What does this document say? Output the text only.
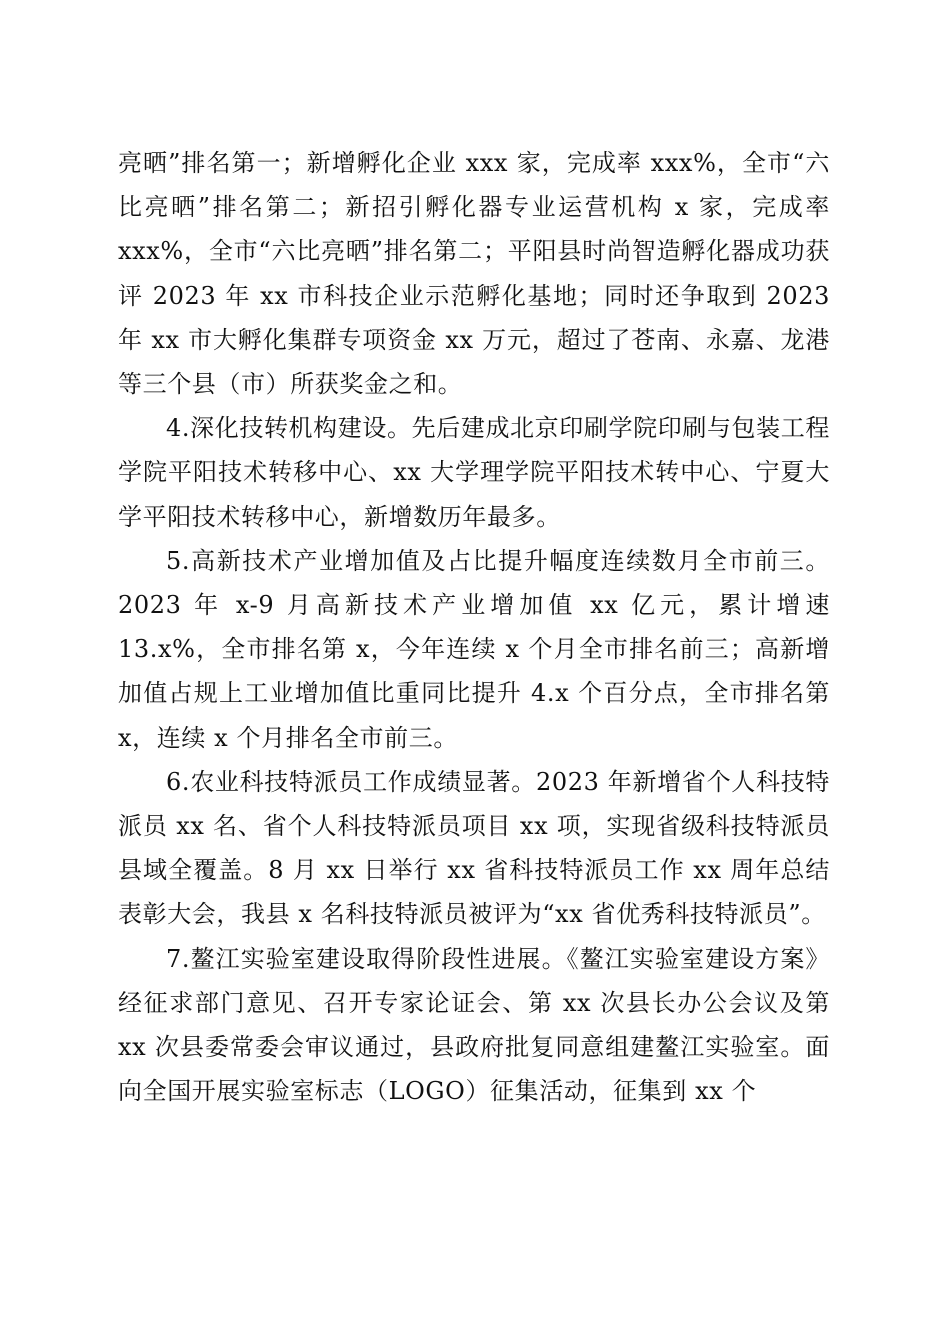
亮晒”排名第一；新增孵化企业 xxx 家，完成率 xxx%，全市“六比亮晒”排名第二；新招引孵化器专业运营机构 x 家，完成率 xxx%，全市“六比亮晒”排名第二；平阳县时尚智造孵化器成功获评 2023 年 xx 市科技企业示范孵化基地；同时还争取到 2023 年 xx 市大孵化集群专项资金 xx 万元，超过了苍南、永嘉、龙港等三个县（市）所获奖金之和。

4.深化技转机构建设。先后建成北京印刷学院印刷与包装工程学院平阳技术转移中心、xx 大学理学院平阳技术转中心、宁夏大学平阳技术转移中心，新增数历年最多。

5.高新技术产业增加值及占比提升幅度连续数月全市前三。2023 年 x-9 月高新技术产业增加值 xx 亿元，累计增速 13.x%，全市排名第 x，今年连续 x 个月全市排名前三；高新增加值占规上工业增加值比重同比提升 4.x 个百分点，全市排名第 x，连续 x 个月排名全市前三。

6.农业科技特派员工作成绩显著。2023 年新增省个人科技特派员 xx 名、省个人科技特派员项目 xx 项，实现省级科技特派员县域全覆盖。8 月 xx 日举行 xx 省科技特派员工作 xx 周年总结表彰大会，我县 x 名科技特派员被评为“xx 省优秀科技特派员”。

7.鳌江实验室建设取得阶段性进展。《鳌江实验室建设方案》经征求部门意见、召开专家论证会、第 xx 次县长办公会议及第 xx 次县委常委会审议通过，县政府批复同意组建鳌江实验室。面向全国开展实验室标志（LOGO）征集活动，征集到 xx 个
